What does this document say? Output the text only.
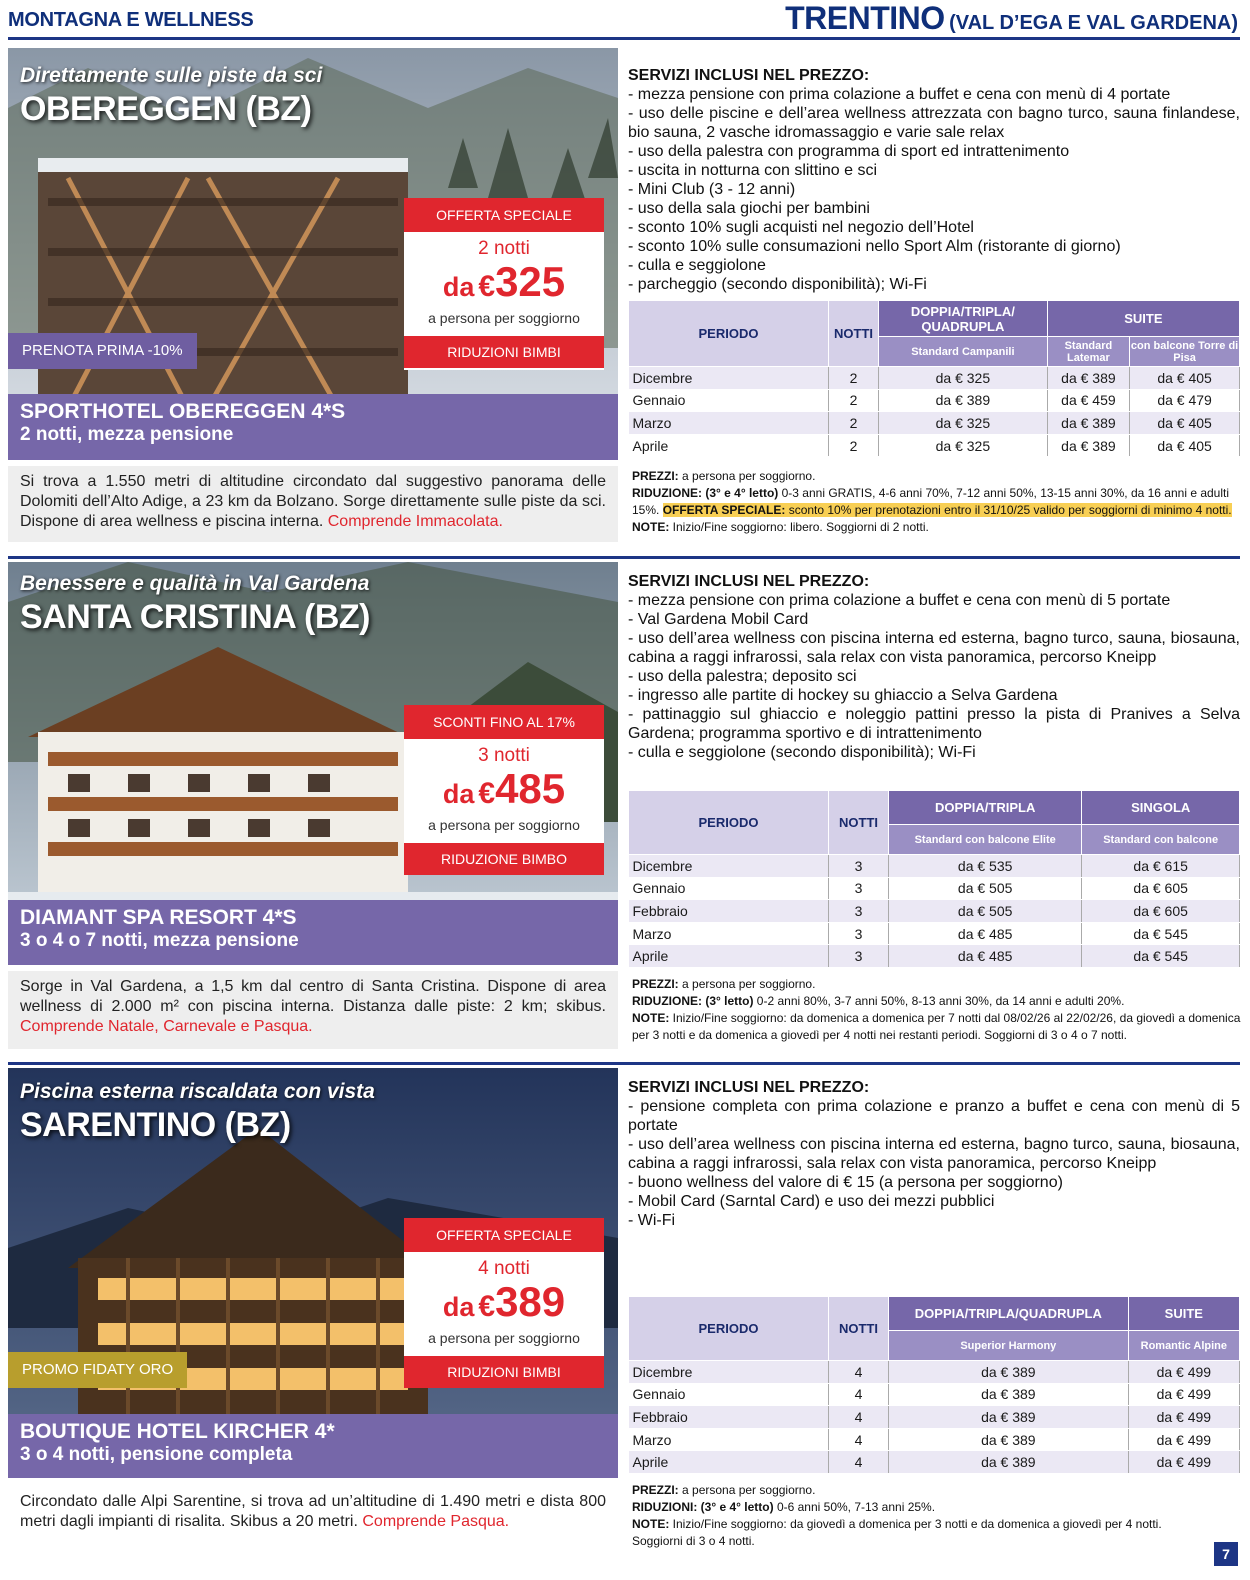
MONTAGNA E WELLNESS	TRENTINO (VAL D’EGA E VAL GARDENA)
Direttamente sulle piste da sci
OBEREGGEN (BZ)
OFFERTA SPECIALE
2 notti
da €325
a persona per soggiorno
RIDUZIONI BIMBI
PRENOTA PRIMA -10%
SPORTHOTEL OBEREGGEN 4*S
2 notti, mezza pensione
Si trova a 1.550 metri di altitudine circondato dal suggestivo panorama delle Dolomiti dell’Alto Adige, a 23 km da Bolzano. Sorge direttamente sulle piste da sci. Dispone di area wellness e piscina interna. Comprende Immacolata.
SERVIZI INCLUSI NEL PREZZO:
- mezza pensione con prima colazione a buffet e cena con menù di 4 portate
- uso delle piscine e dell’area wellness attrezzata con bagno turco, sauna finlandese, bio sauna, 2 vasche idromassaggio e varie sale relax
- uso della palestra con programma di sport ed intrattenimento
- uscita in notturna con slittino e sci
- Mini Club (3 - 12 anni)
- uso della sala giochi per bambini
- sconto 10% sugli acquisti nel negozio dell’Hotel
- sconto 10% sulle consumazioni nello Sport Alm (ristorante di giorno)
- culla e seggiolone
- parcheggio (secondo disponibilità); Wi-Fi
PERIODO	NOTTI	DOPPIA/TRIPLA/ QUADRUPLA	SUITE	
		Standard Campanili	Standard Latemar	con balcone Torre di Pisa
Dicembre	2	da € 325	da € 389	da € 405
Gennaio	2	da € 389	da € 459	da € 479
Marzo	2	da € 325	da € 389	da € 405
Aprile	2	da € 325	da € 389	da € 405
PREZZI: a persona per soggiorno.
RIDUZIONE: (3° e 4° letto) 0-3 anni GRATIS, 4-6 anni 70%, 7-12 anni 50%, 13-15 anni 30%, da 16 anni e adulti 15%. OFFERTA SPECIALE: sconto 10% per prenotazioni entro il 31/10/25 valido per soggiorni di minimo 4 notti.
NOTE: Inizio/Fine soggiorno: libero. Soggiorni di 2 notti.
Benessere e qualità in Val Gardena
SANTA CRISTINA (BZ)
SCONTI FINO AL 17%
3 notti
da €485
a persona per soggiorno
RIDUZIONE BIMBO
DIAMANT SPA RESORT 4*S
3 o 4 o 7 notti, mezza pensione
Sorge in Val Gardena, a 1,5 km dal centro di Santa Cristina. Dispone di area wellness di 2.000 m² con piscina interna. Distanza dalle piste: 2 km; skibus. Comprende Natale, Carnevale e Pasqua.
SERVIZI INCLUSI NEL PREZZO:
- mezza pensione con prima colazione a buffet e cena con menù di 5 portate
- Val Gardena Mobil Card
- uso dell’area wellness con piscina interna ed esterna, bagno turco, sauna, biosauna, cabina a raggi infrarossi, sala relax con vista panoramica, percorso Kneipp
- uso della palestra; deposito sci
- ingresso alle partite di hockey su ghiaccio a Selva Gardena
- pattinaggio sul ghiaccio e noleggio pattini presso la pista di Pranives a Selva Gardena; programma sportivo e di intrattenimento
- culla e seggiolone (secondo disponibilità); Wi-Fi
PERIODO	NOTTI	DOPPIA/TRIPLA	SINGOLA
		Standard con balcone Elite	Standard con balcone
Dicembre	3	da € 535	da € 615
Gennaio	3	da € 505	da € 605
Febbraio	3	da € 505	da € 605
Marzo	3	da € 485	da € 545
Aprile	3	da € 485	da € 545
PREZZI: a persona per soggiorno.
RIDUZIONE: (3° letto) 0-2 anni 80%, 3-7 anni 50%, 8-13 anni 30%, da 14 anni e adulti 20%.
NOTE: Inizio/Fine soggiorno: da domenica a domenica per 7 notti dal 08/02/26 al 22/02/26, da giovedì a domenica per 3 notti e da domenica a giovedì per 4 notti nei restanti periodi. Soggiorni di 3 o 4 o 7 notti.
Piscina esterna riscaldata con vista
SARENTINO (BZ)
OFFERTA SPECIALE
4 notti
da €389
a persona per soggiorno
RIDUZIONI BIMBI
PROMO FIDATY ORO
BOUTIQUE HOTEL KIRCHER 4*
3 o 4 notti, pensione completa
Circondato dalle Alpi Sarentine, si trova ad un’altitudine di 1.490 metri e dista 800 metri dagli impianti di risalita. Skibus a 20 metri. Comprende Pasqua.
SERVIZI INCLUSI NEL PREZZO:
- pensione completa con prima colazione e pranzo a buffet e cena con menù di 5 portate
- uso dell’area wellness con piscina interna ed esterna, bagno turco, sauna, biosauna, cabina a raggi infrarossi, sala relax con vista panoramica, percorso Kneipp
- buono wellness del valore di € 15 (a persona per soggiorno)
- Mobil Card (Sarntal Card) e uso dei mezzi pubblici
- Wi-Fi
PERIODO	NOTTI	DOPPIA/TRIPLA/QUADRUPLA	SUITE
		Superior Harmony	Romantic Alpine
Dicembre	4	da € 389	da € 499
Gennaio	4	da € 389	da € 499
Febbraio	4	da € 389	da € 499
Marzo	4	da € 389	da € 499
Aprile	4	da € 389	da € 499
PREZZI: a persona per soggiorno.
RIDUZIONI: (3° e 4° letto) 0-6 anni 50%, 7-13 anni 25%.
NOTE: Inizio/Fine soggiorno: da giovedì a domenica per 3 notti e da domenica a giovedì per 4 notti. Soggiorni di 3 o 4 notti.
7
